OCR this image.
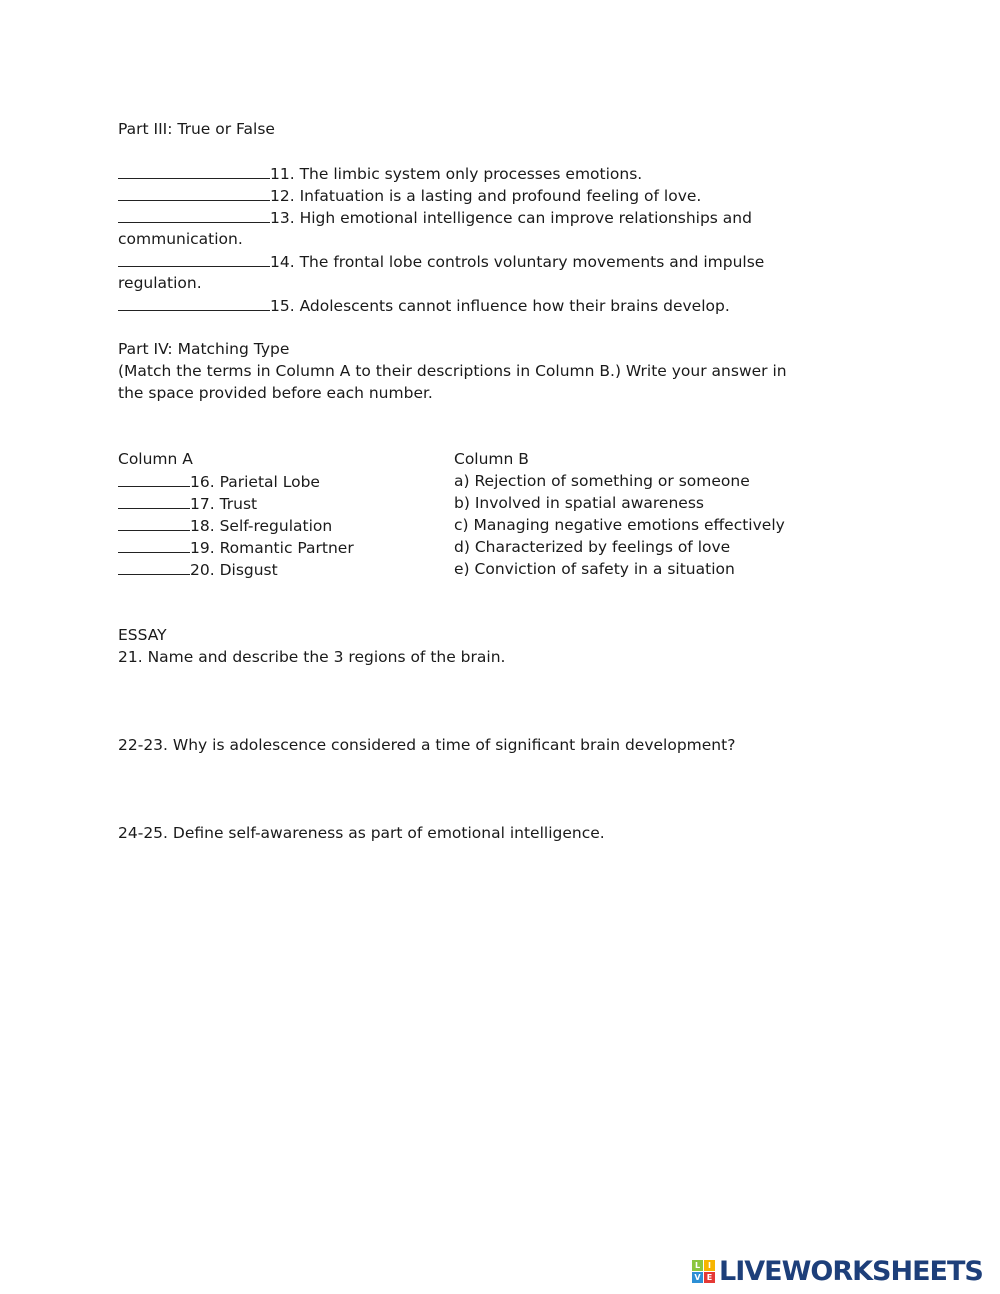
Part III: True or False
11. The limbic system only processes emotions.
12. Infatuation is a lasting and profound feeling of love.
13. High emotional intelligence can improve relationships and
communication.
14. The frontal lobe controls voluntary movements and impulse
regulation.
15. Adolescents cannot influence how their brains develop.
Part IV: Matching Type
(Match the terms in Column A to their descriptions in Column B.) Write your answer in
the space provided before each number.
Column A	Column B
16. Parietal Lobe
17. Trust
18. Self-regulation
19. Romantic Partner
20. Disgust
a) Rejection of something or someone
b) Involved in spatial awareness
c) Managing negative emotions effectively
d) Characterized by feelings of love
e) Conviction of safety in a situation
ESSAY
21. Name and describe the 3 regions of the brain.
22-23. Why is adolescence considered a time of significant brain development?
24-25. Define self-awareness as part of emotional intelligence.
L I
V E LIVEWORKSHEETS
